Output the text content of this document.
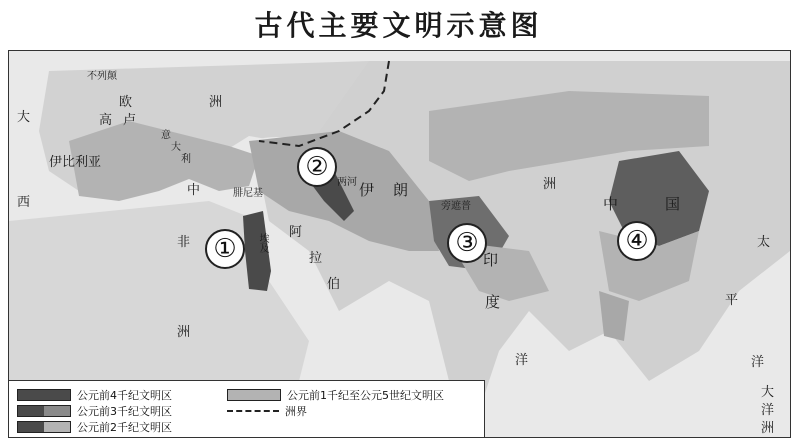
古代主要文明示意图
不列颠
欧	洲
高 卢
意
大
利
伊比利亚
大
西
中	腓尼基
非
洲
阿
拉
伯
埃及
伊 朗
两河
旁遮普
印
度
洲
中	国
太
平
洋
洋
大
洋
洲
①
②
③	④
公元前4千纪文明区
公元前3千纪文明区
公元前2千纪文明区
公元前1千纪至公元5世纪文明区
洲界
